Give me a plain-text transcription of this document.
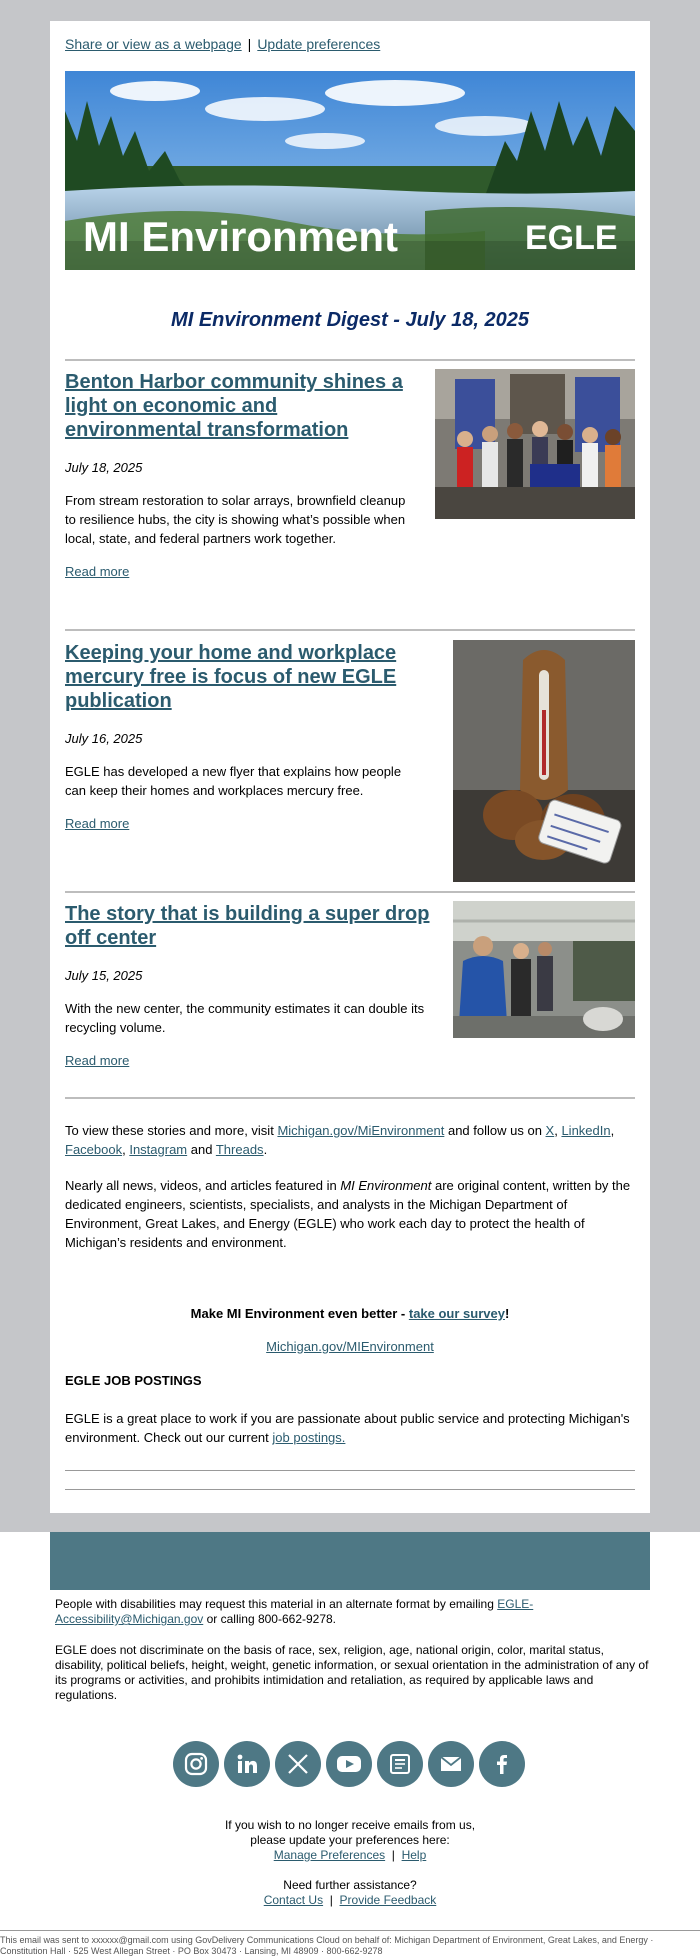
Share or view as a webpage | Update preferences
MI Environment	EGLE
MI Environment Digest - July 18, 2025
Benton Harbor community shines a light on economic and environmental transformation
July 18, 2025
From stream restoration to solar arrays, brownfield cleanup to resilience hubs, the city is showing what’s possible when local, state, and federal partners work together.
Read more
Keeping your home and workplace mercury free is focus of new EGLE publication
July 16, 2025
EGLE has developed a new flyer that explains how people can keep their homes and workplaces mercury free.
Read more
The story that is building a super drop off center
July 15, 2025
With the new center, the community estimates it can double its recycling volume.
Read more
To view these stories and more, visit Michigan.gov/MiEnvironment and follow us on X, LinkedIn, Facebook, Instagram and Threads.
Nearly all news, videos, and articles featured in MI Environment are original content, written by the dedicated engineers, scientists, specialists, and analysts in the Michigan Department of Environment, Great Lakes, and Energy (EGLE) who work each day to protect the health of Michigan’s residents and environment.
Make MI Environment even better - take our survey!
Michigan.gov/MIEnvironment
EGLE JOB POSTINGS
EGLE is a great place to work if you are passionate about public service and protecting Michigan's environment. Check out our current job postings.
People with disabilities may request this material in an alternate format by emailing EGLE-Accessibility@Michigan.gov or calling 800-662-9278.
EGLE does not discriminate on the basis of race, sex, religion, age, national origin, color, marital status, disability, political beliefs, height, weight, genetic information, or sexual orientation in the administration of any of its programs or activities, and prohibits intimidation and retaliation, as required by applicable laws and regulations.
If you wish to no longer receive emails from us,
please update your preferences here:
Manage Preferences | Help
Need further assistance?
Contact Us | Provide Feedback
This email was sent to xxxxxx@gmail.com using GovDelivery Communications Cloud on behalf of: Michigan Department of Environment, Great Lakes, and Energy · Constitution Hall · 525 West Allegan Street · PO Box 30473 · Lansing, MI 48909 · 800-662-9278
